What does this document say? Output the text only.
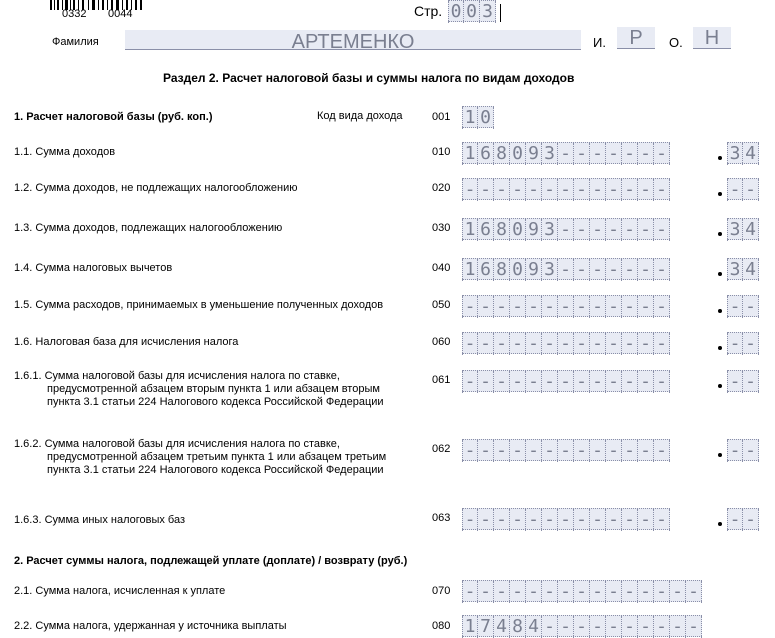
0332 0044	Стр. 0 0 3
Фамилия	АРТЕМЕНКО	И.	Р	О.	Н
Раздел 2. Расчет налоговой базы и суммы налога по видам доходов
1. Расчет налоговой базы (руб. коп.)	Код вида дохода	001 1 0
1.1. Сумма доходов	010 1 6 8 0 9 3 - - - - - - -	3 4
1.2. Сумма доходов, не подлежащих налогообложению	020 - - - - - - - - - - - - -	- -
1.3. Сумма доходов, подлежащих налогообложению	030 1 6 8 0 9 3 - - - - - - -	3 4
1.4. Сумма налоговых вычетов	040 1 6 8 0 9 3 - - - - - - -	3 4
1.5. Сумма расходов, принимаемых в уменьшение полученных доходов	050 - - - - - - - - - - - - -	- -
1.6. Налоговая база для исчисления налога	060 - - - - - - - - - - - - -	- -
1.6.1. Сумма налоговой базы для исчисления налога по ставке, предусмотренной абзацем вторым пункта 1 или абзацем вторым пункта 3.1 статьи 224 Налогового кодекса Российской Федерации
061 - - - - - - - - - - - - -	- -
1.6.2. Сумма налоговой базы для исчисления налога по ставке, предусмотренной абзацем третьим пункта 1 или абзацем третьим пункта 3.1 статьи 224 Налогового кодекса Российской Федерации
062 - - - - - - - - - - - - -	- -
1.6.3. Сумма иных налоговых баз	063 - - - - - - - - - - - - -	- -
2. Расчет суммы налога, подлежащей уплате (доплате) / возврату (руб.)
2.1. Сумма налога, исчисленная к уплате	070 - - - - - - - - - - - - - - -
2.2. Сумма налога, удержанная у источника выплаты	080 1 7 4 8 4 - - - - - - - - - -
